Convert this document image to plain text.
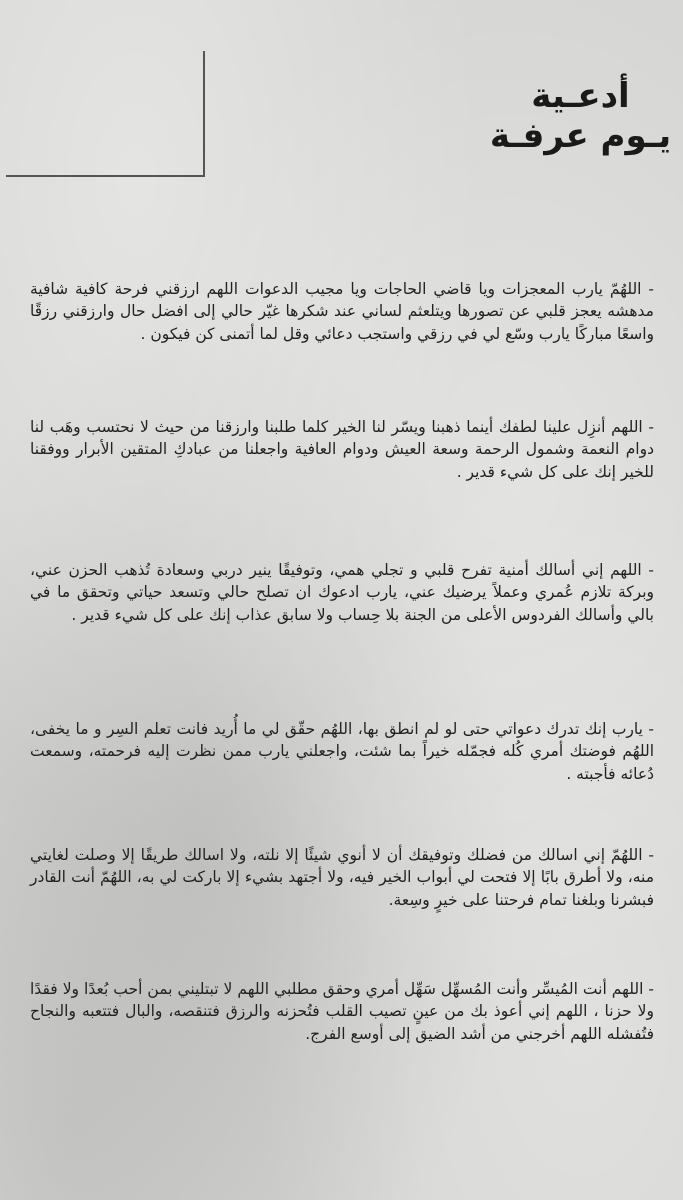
أدعـية
يـوم عرفـة

- اللهُمّ يارب المعجزات ويا قاضي الحاجات ويا مجيب الدعوات اللهم ارزقني فرحة كافية شافية مدهشه يعجز قلبي عن تصورها ويتلعثم لساني عند شكرها غيّر حالي إلى افضل حال وارزقني رزقًا واسعًا مباركًا يارب وسّع لي في رزقي واستجب دعائي وقل لما أتمنى كن فيكون .

- اللهم أنزِل علينا لطفك أينما ذهبنا ويسّر لنا الخير كلما طلبنا وارزقنا من حيث لا نحتسب وهَب لنا دوام النعمة وشمول الرحمة وسعة العيش ودوام العافية واجعلنا من عبادكِ المتقين الأبرار ووفقنا للخير إنك على كل شيء قدير .

- اللهم إني أسالك أمنية تفرح قلبي و تجلي همي، وتوفيقًا ينير دربي وسعادة تُذهب الحزن عني، وبركة تلازم عُمري وعملاً يرضيك عني، يارب ادعوك ان تصلح حالي وتسعد حياتي وتحقق ما في بالي وأسالك الفردوس الأعلى من الجنة بلا حِساب ولا سابق عذاب إنك على كل شيء قدير .

- يارب إنك تدرك دعواتي حتى لو لم انطق بها، اللهُم حقّق لي ما أُريد فانت تعلم السِر و ما يخفى، اللهُم فوضتك أمري كُله فجمّله خيراً بما شئت، واجعلني يارب ممن نظرت إليه فرحمته، وسمعت دُعائه فأجبته .

- اللهُمّ إني اسالك من فضلك وتوفيقك أن لا أنوي شيئًا إلا نلته، ولا اسالك طريقًا إلا وصلت لغايتي منه، ولا أطرق بابًا إلا فتحت لي أبواب الخير فيه، ولا أجتهد بشيء إلا باركت لي به، اللهُمّ أنت القادر فبشرنا وبلغنا تمام فرحتنا على خيرٍ وسِعة.

- اللهم أنت المُيسِّر وأنت المُسهِّل سَهِّل أمري وحقق مطلبي اللهم لا تبتليني بمن أحب بُعدًا ولا فقدًا ولا حزنا ، اللهم إني أعوذ بك من عينٍ تصيب القلب فتُحزنه والرزق فتنقصه، والبال فتتعبه والنجاح فتُفشله اللهم أخرجني من أشد الضيق إلى أوسع الفرج.
